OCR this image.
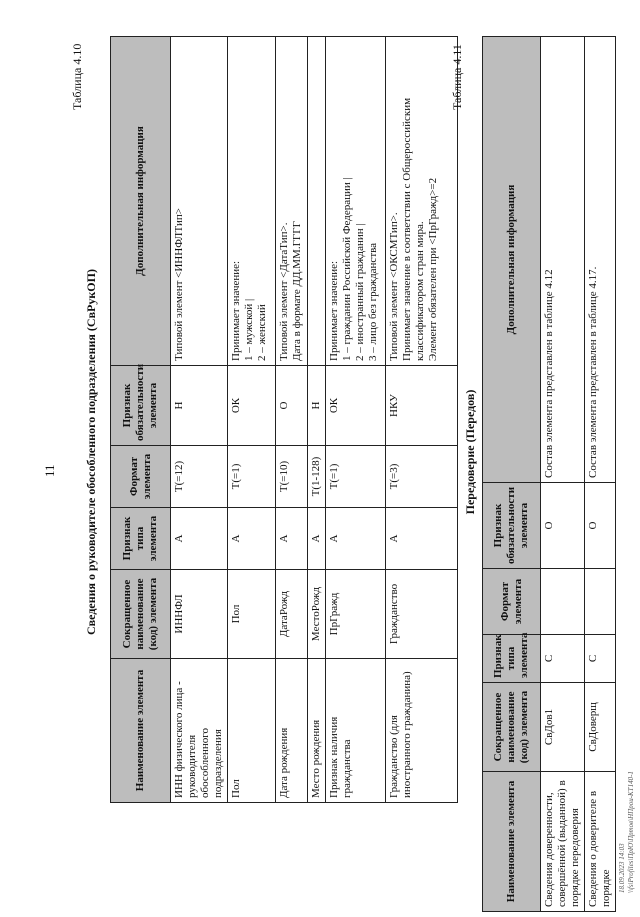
11
Таблица 4.10
Сведения о руководителе обособленного подразделения (СвРукОП)
Наименование элемента	Сокращенное наименование (код) элемента	Признак типа элемента	Формат элемента	Признак обязательности элемента	Дополнительная информация
ИНН физического лица - руководителя обособленного подразделения	ИННФЛ	А	T(=12)	Н	Типовой элемент <ИННФЛТип>

Пол	Пол	А	T(=1)	ОК	Принимает значение: 1 – мужской | 2 – женский

Дата рождения	ДатаРожд	А	T(=10)	О	Типовой элемент <ДатаТип>. Дата в формате ДД.ММ.ГГГГ

Место рождения	МестоРожд	А	T(1-128)	Н	
Признак наличия гражданства	ПрГражд	А	T(=1)	ОК	Принимает значение: 1 – гражданин Российской Федерации | 2 – иностранный гражданин | 3 – лицо без гражданства

Гражданство (для иностранного гражданина)	Гражданство	А	T(=3)	НКУ	Типовой элемент <ОКСМТип>. Принимает значение в соответствии с Общероссийским классификатором стран мира. Элемент обязателен при <ПрГражд>=2
Таблица 4.11
Передоверие (Передов)
Наименование элемента	Сокращенное наименование (код) элемента	Признак типа элемента	Формат элемента	Признак обязательности элемента	Дополнительная информация
Сведения доверенности, совершённой (выданной) в порядке передоверия	СвДов1	С		О	Состав элемента представлен в таблице 4.12
Сведения о доверителе в порядке	СвДоверщ	С		О	Состав элемента представлен в таблице 4.17.
18.09.2023 14:03 \\fs\Profiles\ПрЮ\Пртов\НПрои-КТ140-1
